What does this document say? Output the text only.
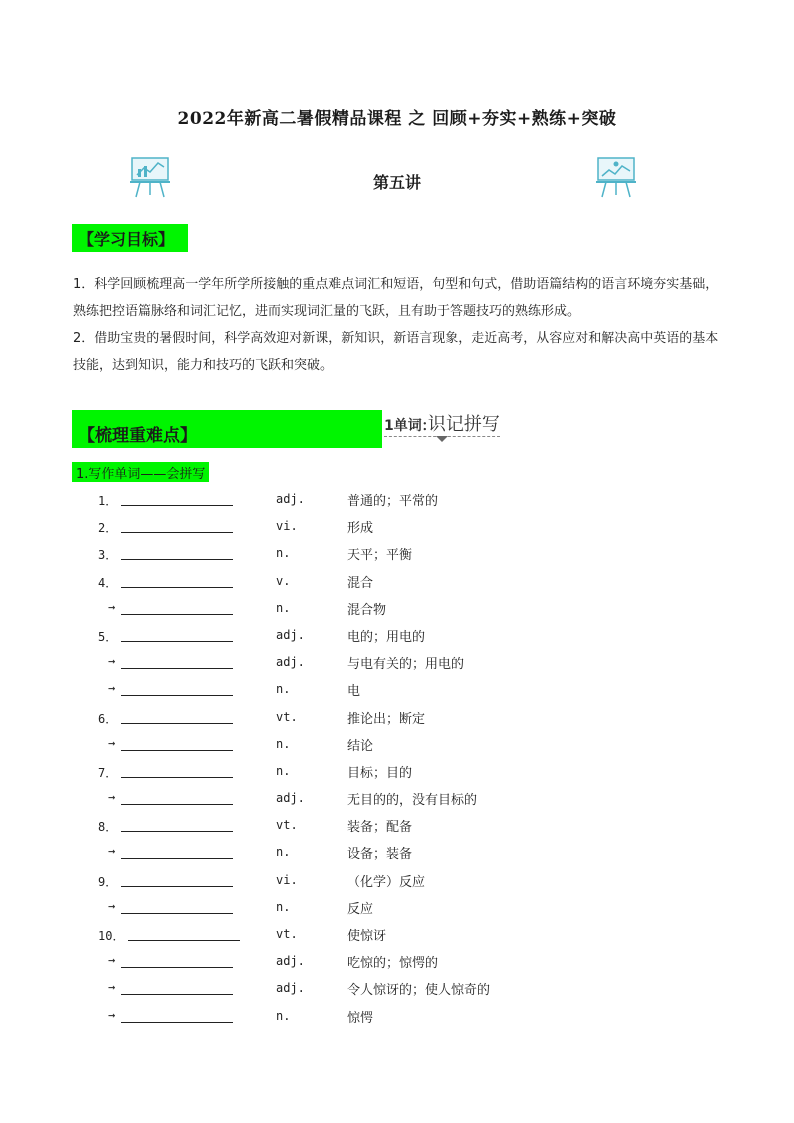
2022年新高二暑假精品课程 之 回顾+夯实+熟练+突破
第五讲
【学习目标】
1．科学回顾梳理高一学年所学所接触的重点难点词汇和短语，句型和句式，借助语篇结构的语言环境夯实基础，熟练把控语篇脉络和词汇记忆，进而实现词汇量的飞跃，且有助于答题技巧的熟练形成。
2．借助宝贵的暑假时间，科学高效迎对新课，新知识，新语言现象，走近高考，从容应对和解决高中英语的基本技能，达到知识，能力和技巧的飞跃和突破。
【梳理重难点】	1单词:识记拼写
1.写作单词——会拼写
1．	adj.	普通的；平常的
2．	vi.	形成
3．	n.	天平；平衡
4．	v.	混合
→	n.	混合物
5．	adj.	电的；用电的
→	adj.	与电有关的；用电的
→	n.	电
6．	vt.	推论出；断定
→	n.	结论
7．	n.	目标；目的
→	adj.	无目的的，没有目标的
8．	vt.	装备；配备
→	n.	设备；装备
9．	vi.	（化学）反应
→	n.	反应
10．	vt.	使惊讶
→	adj.	吃惊的；惊愕的
→	adj.	令人惊讶的；使人惊奇的
→	n.	惊愕
